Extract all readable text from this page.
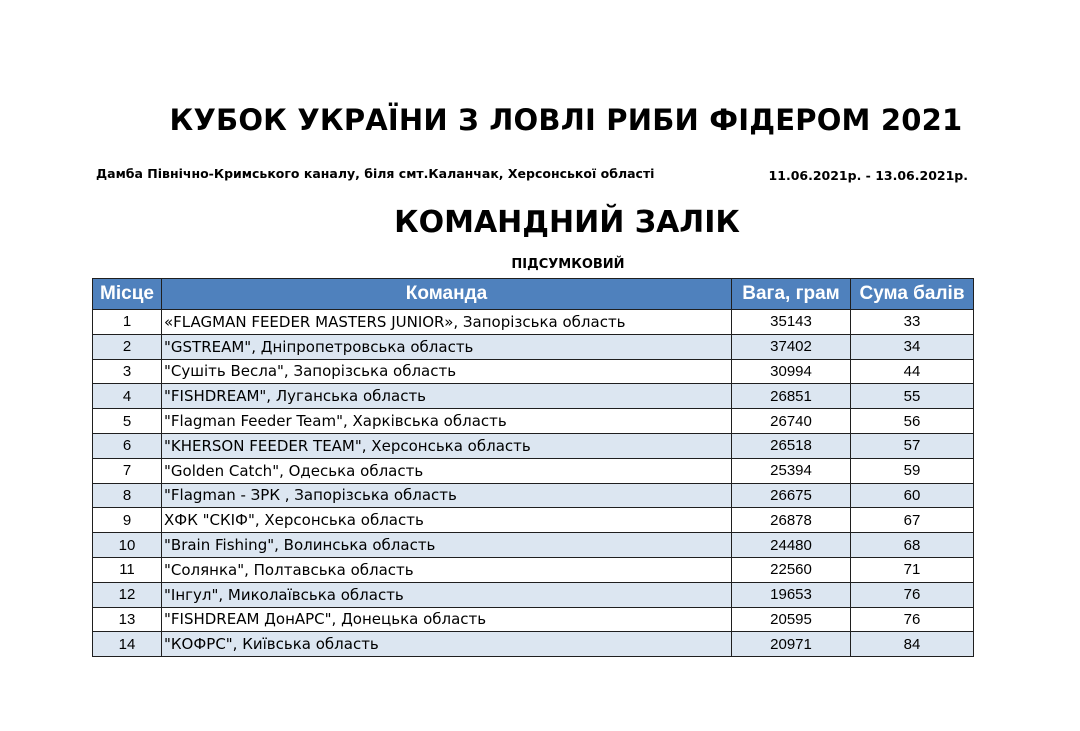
КУБОК УКРАЇНИ З ЛОВЛІ РИБИ ФІДЕРОМ 2021
Дамба Північно-Кримського каналу, біля смт.Каланчак, Херсонської області	11.06.2021р. - 13.06.2021р.
КОМАНДНИЙ ЗАЛІК
ПІДСУМКОВИЙ
Місце	Команда	Вага, грам	Сума балів
1	«FLAGMAN FEEDER MASTERS JUNIOR», Запорізська область	35143	33
2	"GSTREAM", Дніпропетровська область	37402	34
3	"Сушіть Весла", Запорізська область	30994	44
4	"FISHDREAM", Луганська область	26851	55
5	"Flagman Feeder Team", Харківська область	26740	56
6	"KHERSON FEEDER TEAM", Херсонська область	26518	57
7	"Golden Catch", Одеська область	25394	59
8	"Flagman - ЗРК , Запорізська область	26675	60
9	ХФК "СКІФ", Херсонська область	26878	67
10	"Brain Fishing", Волинська область	24480	68
11	"Солянка", Полтавська область	22560	71
12	"Інгул", Миколаївська область	19653	76
13	"FISHDREAM ДонАРС", Донецька область	20595	76
14	"КОФРС", Київська область	20971	84
